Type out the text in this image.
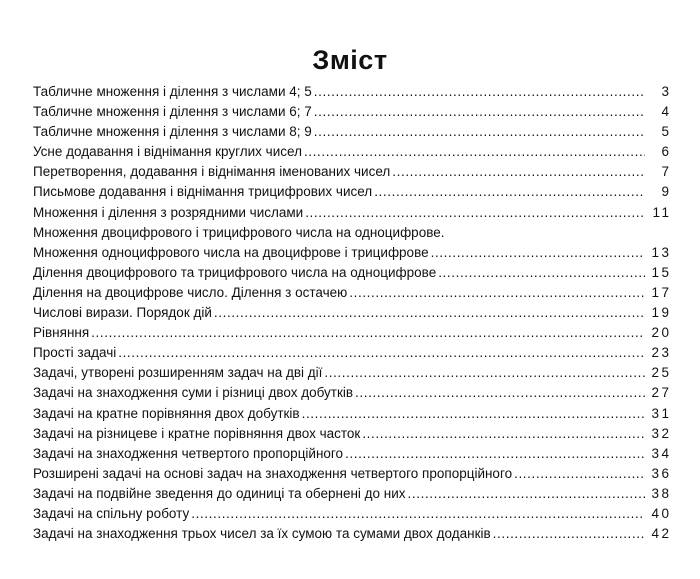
Зміст
Табличне множення і ділення з числами 4; 5 .....	3
Табличне множення і ділення з числами 6; 7 .....	4
Табличне множення і ділення з числами 8; 9 .....	5
Усне додавання і віднімання круглих чисел .....	6
Перетворення, додавання і віднімання іменованих чисел .....	7
Письмове додавання і віднімання трицифрових чисел .....	9
Множення і ділення з розрядними числами .....	11
Множення двоцифрового і трицифрового числа на одноцифрове.
Множення одноцифрового числа на двоцифрове і трицифрове .....	13
Ділення двоцифрового та трицифрового числа на одноцифрове .....	15
Ділення на двоцифрове число. Ділення з остачею .....	17
Числові вирази. Порядок дій .....	19
Рівняння .....	20
Прості задачі .....	23
Задачі, утворені розширенням задач на дві дії .....	25
Задачі на знаходження суми і різниці двох добутків .....	27
Задачі на кратне порівняння двох добутків .....	31
Задачі на різницеве і кратне порівняння двох часток .....	32
Задачі на знаходження четвертого пропорційного .....	34
Розширені задачі на основі задач на знаходження четвертого пропорційного .....	36
Задачі на подвійне зведення до одиниці та обернені до них .....	38
Задачі на спільну роботу .....	40
Задачі на знаходження трьох чисел за їх сумою та сумами двох доданків .....	42
